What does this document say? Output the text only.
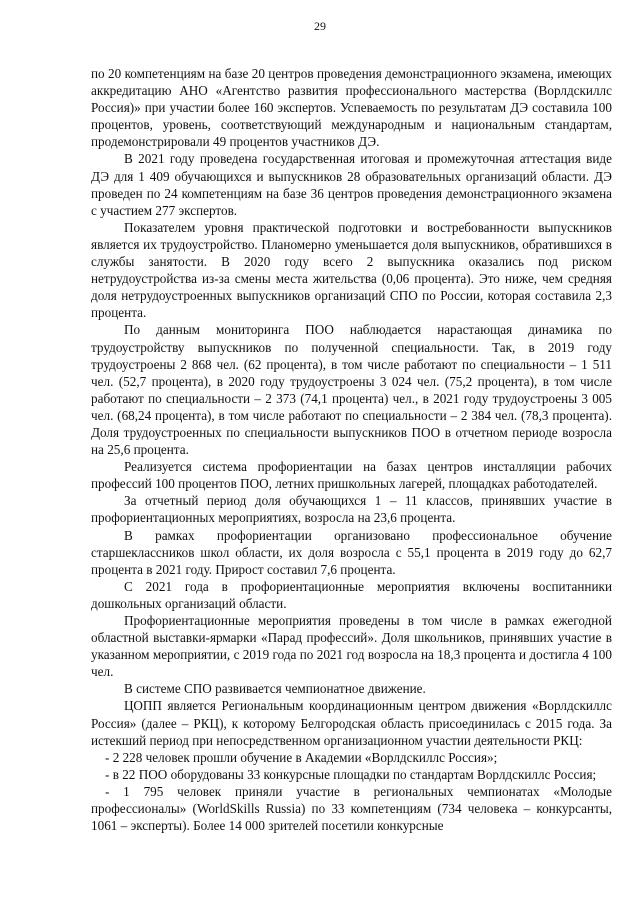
29

по 20 компетенциям на базе 20 центров проведения демонстрационного экзамена, имеющих аккредитацию АНО «Агентство развития профессионального мастерства (Ворлдскиллс Россия)» при участии более 160 экспертов. Успеваемость по результатам ДЭ составила 100 процентов, уровень, соответствующий международным и национальным стандартам, продемонстрировали 49 процентов участников ДЭ.

В 2021 году проведена государственная итоговая и промежуточная аттестация виде ДЭ для 1 409 обучающихся и выпускников 28 образовательных организаций области. ДЭ проведен по 24 компетенциям на базе 36 центров проведения демонстрационного экзамена с участием 277 экспертов.

Показателем уровня практической подготовки и востребованности выпускников является их трудоустройство. Планомерно уменьшается доля выпускников, обратившихся в службы занятости. В 2020 году всего 2 выпускника оказались под риском нетрудоустройства из-за смены места жительства (0,06 процента). Это ниже, чем средняя доля нетрудоустроенных выпускников организаций СПО по России, которая составила 2,3 процента.

По данным мониторинга ПОО наблюдается нарастающая динамика по трудоустройству выпускников по полученной специальности. Так, в 2019 году трудоустроены 2 868 чел. (62 процента), в том числе работают по специальности – 1 511 чел. (52,7 процента), в 2020 году трудоустроены 3 024 чел. (75,2 процента), в том числе работают по специальности – 2 373 (74,1 процента) чел., в 2021 году трудоустроены 3 005 чел. (68,24 процента), в том числе работают по специальности – 2 384 чел. (78,3 процента). Доля трудоустроенных по специальности выпускников ПОО в отчетном периоде возросла на 25,6 процента.

Реализуется система профориентации на базах центров инсталляции рабочих профессий 100 процентов ПОО, летних пришкольных лагерей, площадках работодателей.

За отчетный период доля обучающихся 1 – 11 классов, принявших участие в профориентационных мероприятиях, возросла на 23,6 процента.

В рамках профориентации организовано профессиональное обучение старшеклассников школ области, их доля возросла с 55,1 процента в 2019 году до 62,7 процента в 2021 году. Прирост составил 7,6 процента.

С 2021 года в профориентационные мероприятия включены воспитанники дошкольных организаций области.

Профориентационные мероприятия проведены в том числе в рамках ежегодной областной выставки-ярмарки «Парад профессий». Доля школьников, принявших участие в указанном мероприятии, с 2019 года по 2021 год возросла на 18,3 процента и достигла 4 100 чел.

В системе СПО развивается чемпионатное движение.

ЦОПП является Региональным координационным центром движения «Ворлдскиллс Россия» (далее – РКЦ), к которому Белгородская область присоединилась с 2015 года. За истекший период при непосредственном организационном участии деятельности РКЦ:

- 2 228 человек прошли обучение в Академии «Ворлдскиллс Россия»;

- в 22 ПОО оборудованы 33 конкурсные площадки по стандартам Ворлдскиллс Россия;

- 1 795 человек приняли участие в региональных чемпионатах «Молодые профессионалы» (WorldSkills Russia) по 33 компетенциям (734 человека – конкурсанты, 1061 – эксперты). Более 14 000 зрителей посетили конкурсные
